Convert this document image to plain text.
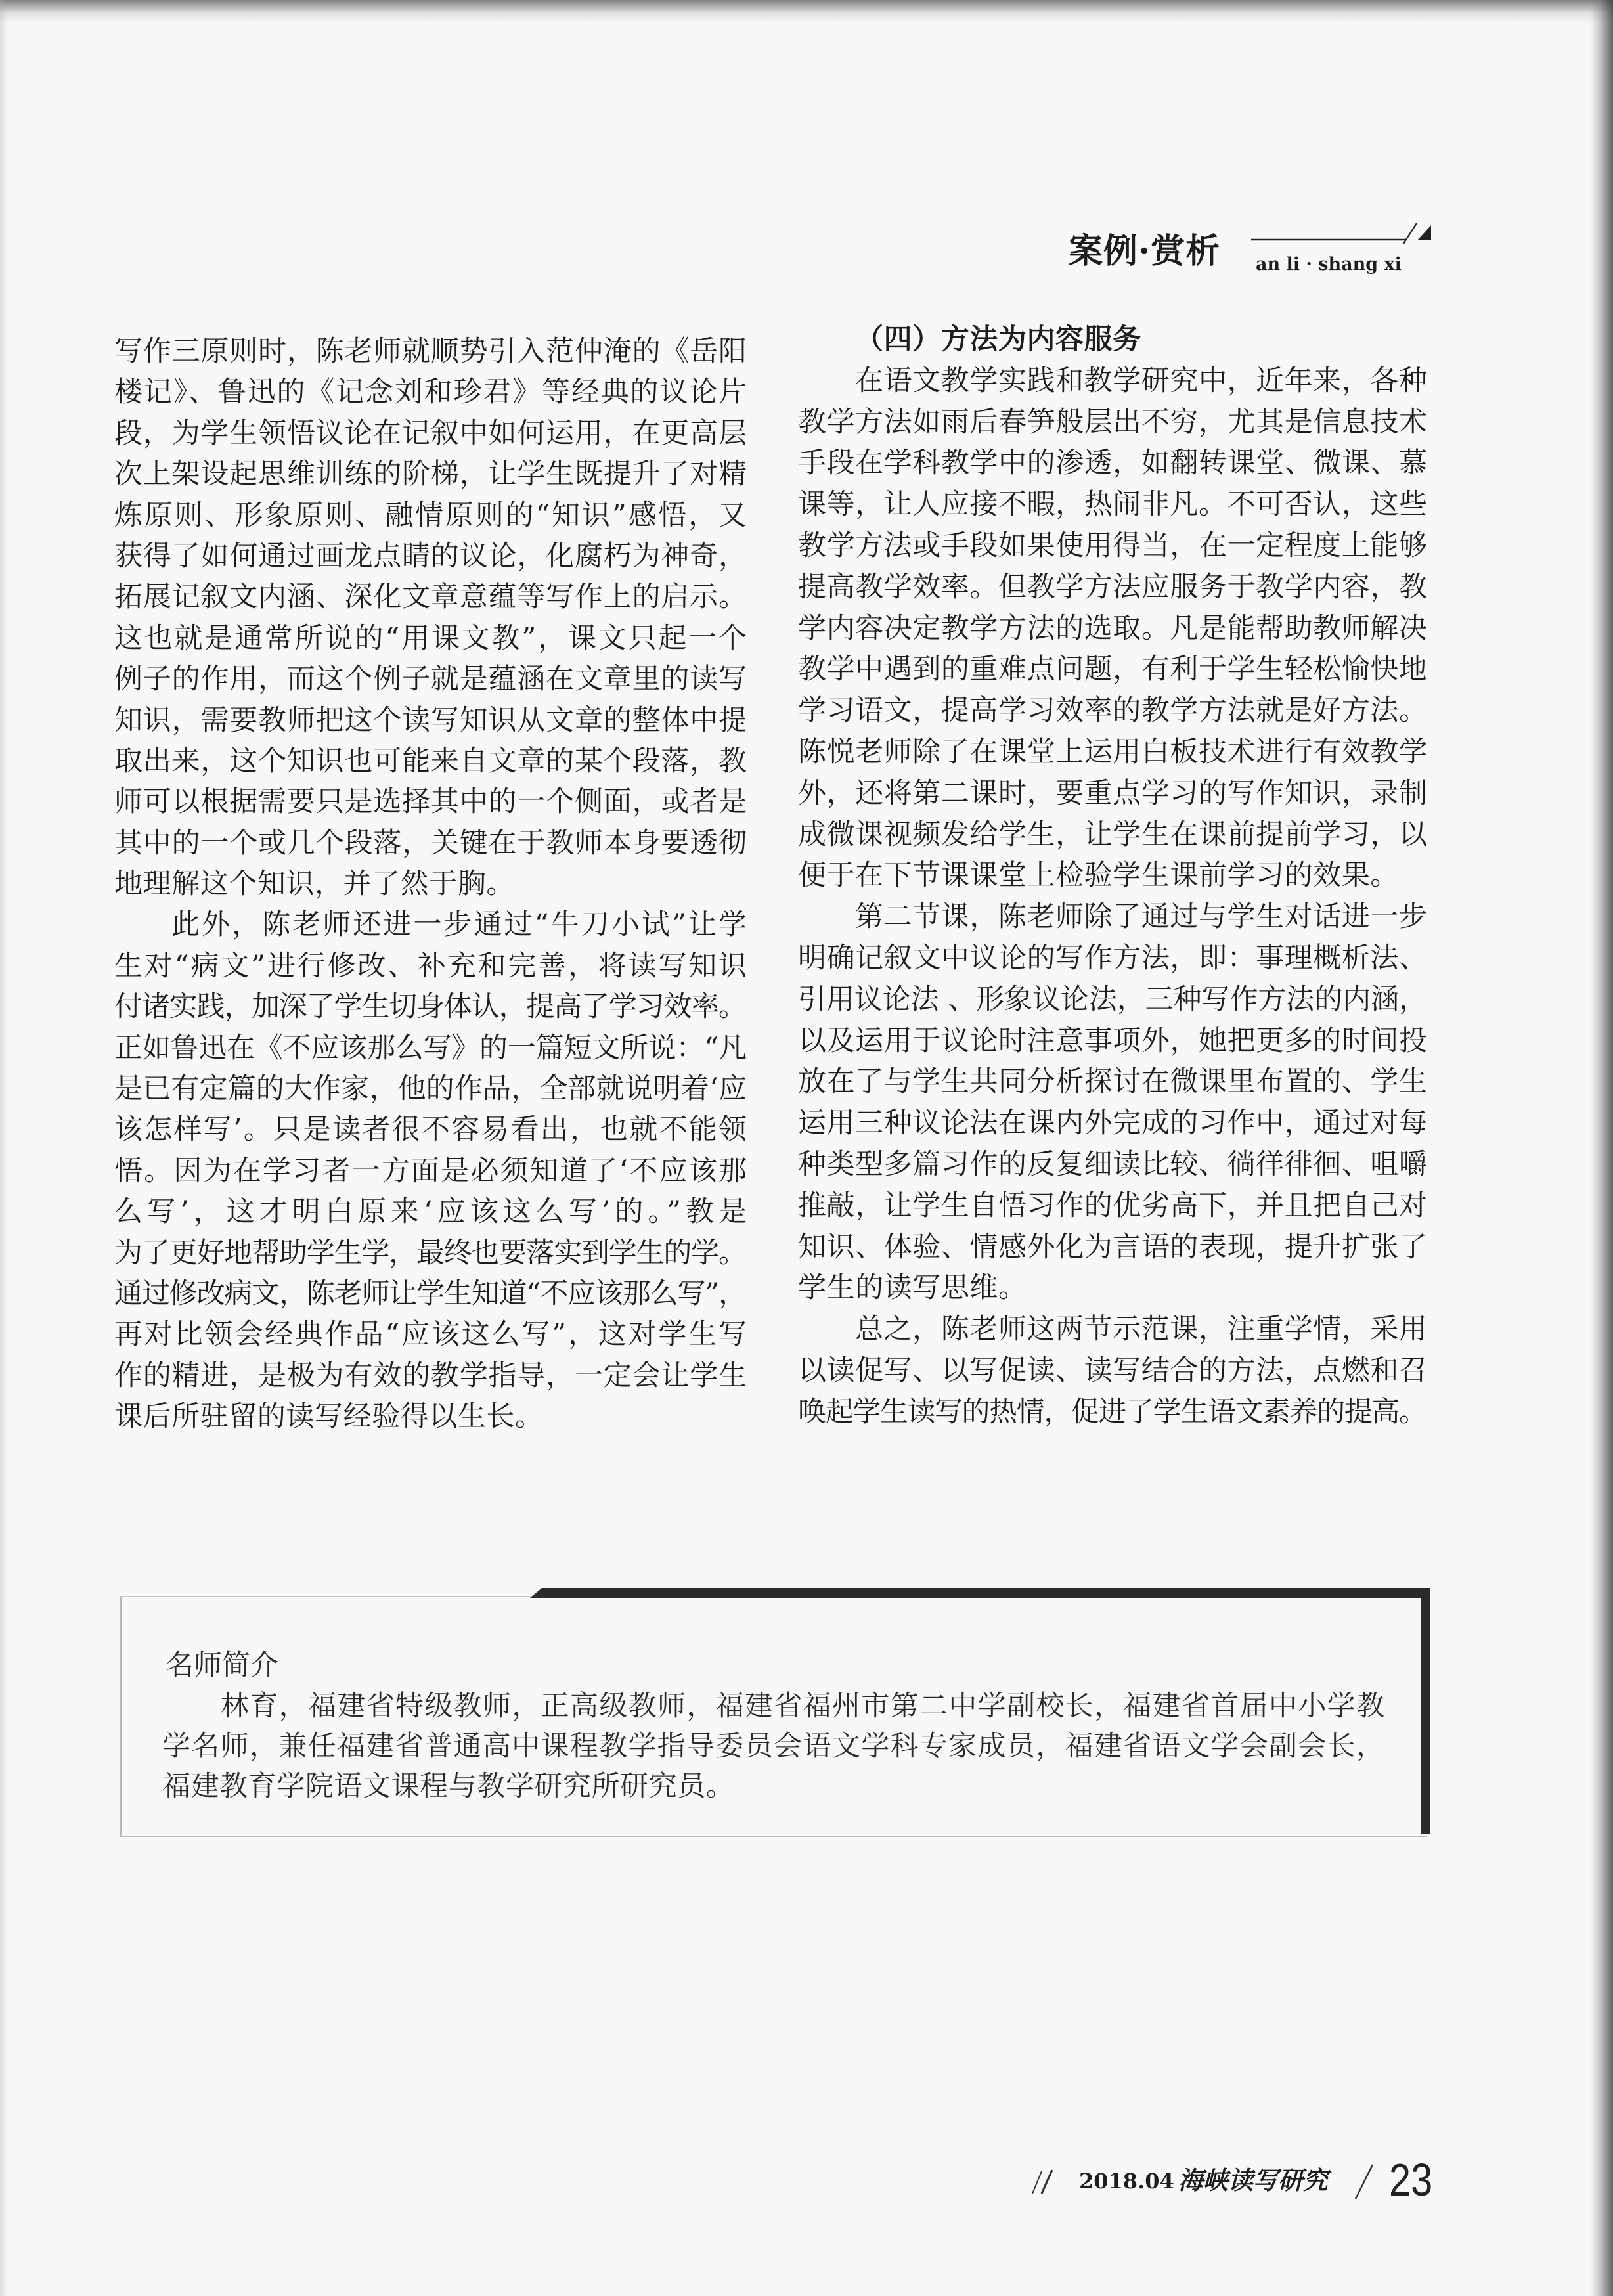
案例·赏析 an li · shang xi
写作三原则时，陈老师就顺势引入范仲淹的《岳阳
楼记》、鲁迅的《记念刘和珍君》等经典的议论片
段，为学生领悟议论在记叙中如何运用，在更高层
次上架设起思维训练的阶梯，让学生既提升了对精
炼原则、形象原则、融情原则的“知识”感悟，又
获得了如何通过画龙点睛的议论，化腐朽为神奇，
拓展记叙文内涵、深化文章意蕴等写作上的启示。
这也就是通常所说的“用课文教”，课文只起一个
例子的作用，而这个例子就是蕴涵在文章里的读写
知识，需要教师把这个读写知识从文章的整体中提
取出来，这个知识也可能来自文章的某个段落，教
师可以根据需要只是选择其中的一个侧面，或者是
其中的一个或几个段落，关键在于教师本身要透彻
地理解这个知识，并了然于胸。
此外，陈老师还进一步通过“牛刀小试”让学
生对“病文”进行修改、补充和完善，将读写知识
付诸实践，加深了学生切身体认，提高了学习效率。
正如鲁迅在《不应该那么写》的一篇短文所说：“凡
是已有定篇的大作家，他的作品，全部就说明着‘应
该怎样写’。只是读者很不容易看出，也就不能领
悟。因为在学习者一方面是必须知道了‘不应该那
么写’，这才明白原来‘应该这么写’的。”教是
为了更好地帮助学生学，最终也要落实到学生的学。
通过修改病文，陈老师让学生知道“不应该那么写”，
再对比领会经典作品“应该这么写”，这对学生写
作的精进，是极为有效的教学指导，一定会让学生
课后所驻留的读写经验得以生长。
（四）方法为内容服务
在语文教学实践和教学研究中，近年来，各种
教学方法如雨后春笋般层出不穷，尤其是信息技术
手段在学科教学中的渗透，如翻转课堂、微课、慕
课等，让人应接不暇，热闹非凡。不可否认，这些
教学方法或手段如果使用得当，在一定程度上能够
提高教学效率。但教学方法应服务于教学内容，教
学内容决定教学方法的选取。凡是能帮助教师解决
教学中遇到的重难点问题，有利于学生轻松愉快地
学习语文，提高学习效率的教学方法就是好方法。
陈悦老师除了在课堂上运用白板技术进行有效教学
外，还将第二课时，要重点学习的写作知识，录制
成微课视频发给学生，让学生在课前提前学习，以
便于在下节课课堂上检验学生课前学习的效果。
第二节课，陈老师除了通过与学生对话进一步
明确记叙文中议论的写作方法，即：事理概析法、
引用议论法 、形象议论法，三种写作方法的内涵，
以及运用于议论时注意事项外，她把更多的时间投
放在了与学生共同分析探讨在微课里布置的、学生
运用三种议论法在课内外完成的习作中，通过对每
种类型多篇习作的反复细读比较、徜徉徘徊、咀嚼
推敲，让学生自悟习作的优劣高下，并且把自己对
知识、体验、情感外化为言语的表现，提升扩张了
学生的读写思维。
总之，陈老师这两节示范课，注重学情，采用
以读促写、以写促读、读写结合的方法，点燃和召
唤起学生读写的热情，促进了学生语文素养的提高。
名师简介
林育，福建省特级教师，正高级教师，福建省福州市第二中学副校长，福建省首届中小学教
学名师，兼任福建省普通高中课程教学指导委员会语文学科专家成员，福建省语文学会副会长，
福建教育学院语文课程与教学研究所研究员。
2018.04 海峡读写研究 23
